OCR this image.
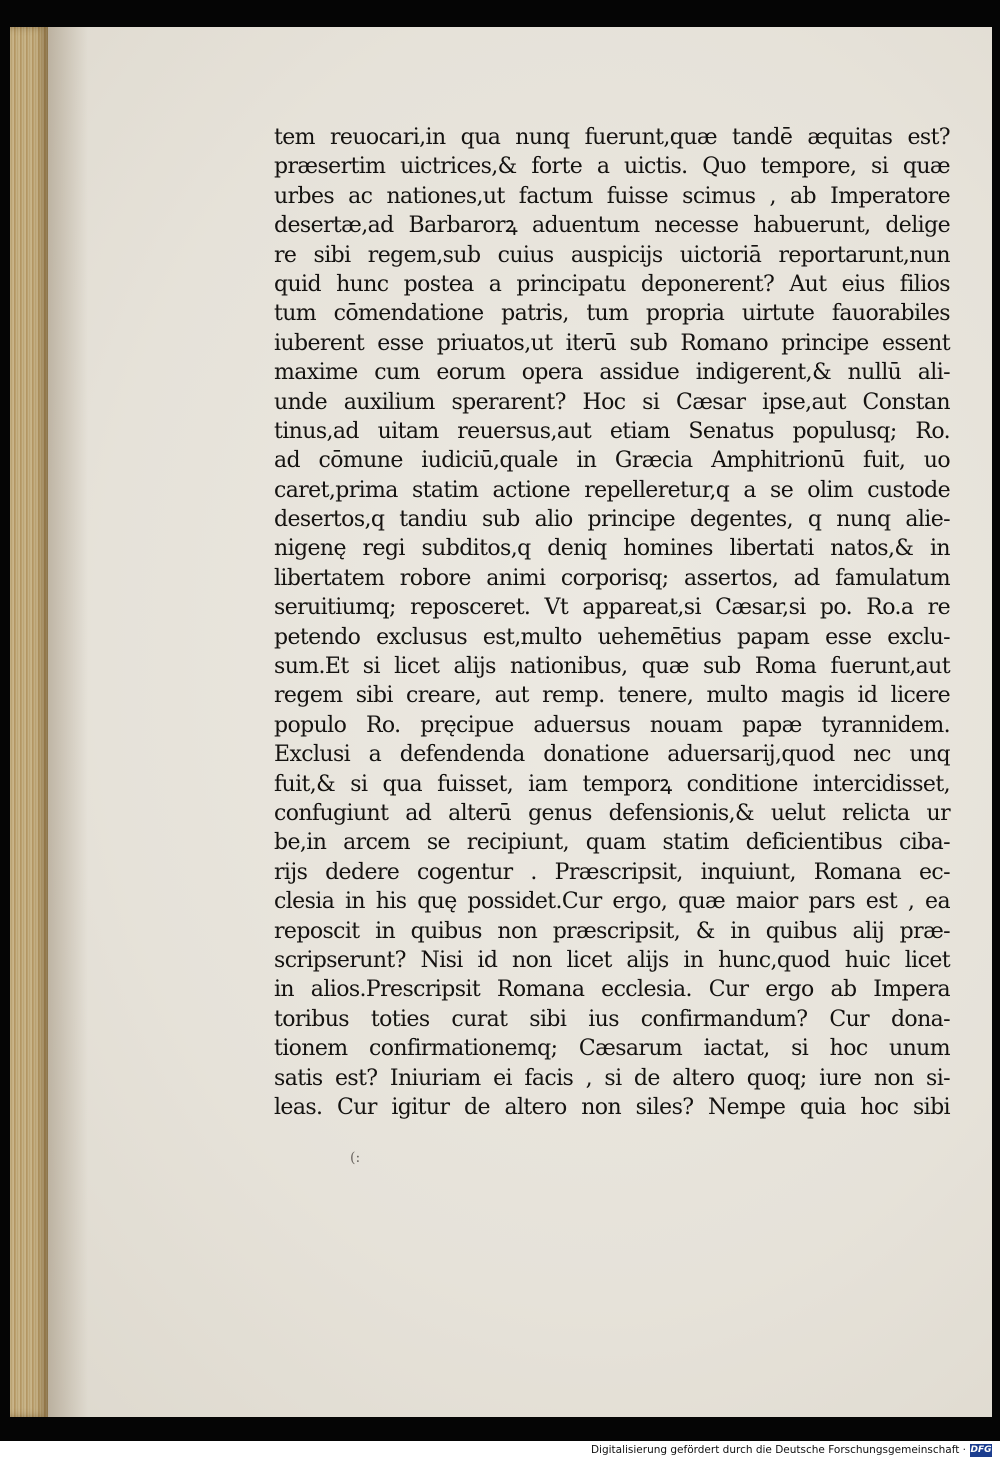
tem reuocari,in qua nunq fuerunt,quæ tandē æquitas est?
præsertim uictrices,& forte a uictis. Quo tempore, si quæ
urbes ac nationes,ut factum fuisse scimus , ab Imperatore
desertæ,ad Barbarorꝝ aduentum necesse habuerunt, delige
re sibi regem,sub cuius auspicijs uictoriā reportarunt,nun
quid hunc postea a principatu deponerent? Aut eius filios
tum cōmendatione patris, tum propria uirtute fauorabiles
iuberent esse priuatos,ut iterū sub Romano principe essent
maxime cum eorum opera assidue indigerent,& nullū ali-
unde auxilium sperarent? Hoc si Cæsar ipse,aut Constan
tinus,ad uitam reuersus,aut etiam Senatus populusq; Ro.
ad cōmune iudiciū,quale in Græcia Amphitrionū fuit, uo
caret,prima statim actione repelleretur,q a se olim custode
desertos,q tandiu sub alio principe degentes, q nunq alie-
nigenę regi subditos,q deniq homines libertati natos,& in
libertatem robore animi corporisq; assertos, ad famulatum
seruitiumq; reposceret. Vt appareat,si Cæsar,si po. Ro.a re
petendo exclusus est,multo uehemētius papam esse exclu-
sum.Et si licet alijs nationibus, quæ sub Roma fuerunt,aut
regem sibi creare, aut remp. tenere, multo magis id licere
populo Ro. pręcipue aduersus nouam papæ tyrannidem.
Exclusi a defendenda donatione aduersarij,quod nec unq
fuit,& si qua fuisset, iam temporꝝ conditione intercidisset,
confugiunt ad alterū genus defensionis,& uelut relicta ur
be,in arcem se recipiunt, quam statim deficientibus ciba-
rijs dedere cogentur . Præscripsit, inquiunt, Romana ec-
clesia in his quę possidet.Cur ergo, quæ maior pars est , ea
reposcit in quibus non præscripsit, & in quibus alij præ-
scripserunt? Nisi id non licet alijs in hunc,quod huic licet
in alios.Prescripsit Romana ecclesia. Cur ergo ab Impera
toribus toties curat sibi ius confirmandum? Cur dona-
tionem confirmationemq; Cæsarum iactat, si hoc unum
satis est? Iniuriam ei facis , si de altero quoq; iure non si-
leas. Cur igitur de altero non siles? Nempe quia hoc sibi
(:
Digitalisierung gefördert durch die Deutsche Forschungsgemeinschaft · DFG
